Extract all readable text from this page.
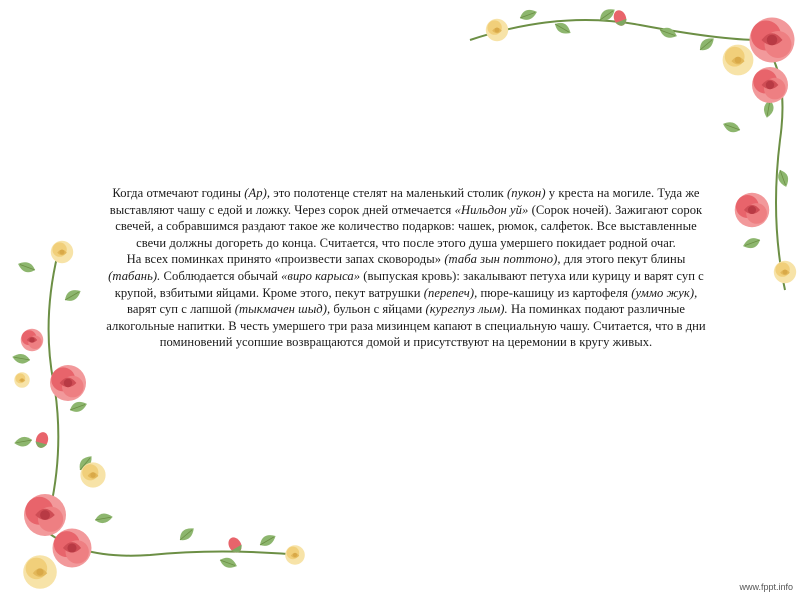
Когда отмечают годины (Ар), это полотенце стелят на маленький столик (пукон) у креста на могиле. Туда же выставляют чашу с едой и ложку. Через сорок дней отмечается «Нильдон уй» (Сорок ночей). Зажигают сорок свечей, а собравшимся раздают такое же количество подарков: чашек, рюмок, салфеток. Все выставленные свечи должны догореть до конца. Считается, что после этого душа умершего покидает родной очаг.

На всех поминках принято «произвести запах сковороды» (таба зын поттоно), для этого пекут блины (табань). Соблюдается обычай «виро карыса» (выпуская кровь): закалывают петуха или курицу и варят суп с крупой, взбитыми яйцами. Кроме этого, пекут ватрушки (перепеч), пюре-кашицу из картофеля (уммо жук), варят суп с лапшой (тыкмачен шыд), бульон с яйцами (курегпуз лым). На поминках подают различные алкогольные напитки. В честь умершего три раза мизинцем капают в специальную чашу. Считается, что в дни поминовений усопшие возвращаются домой и присутствуют на церемонии в кругу живых.

www.fppt.info
